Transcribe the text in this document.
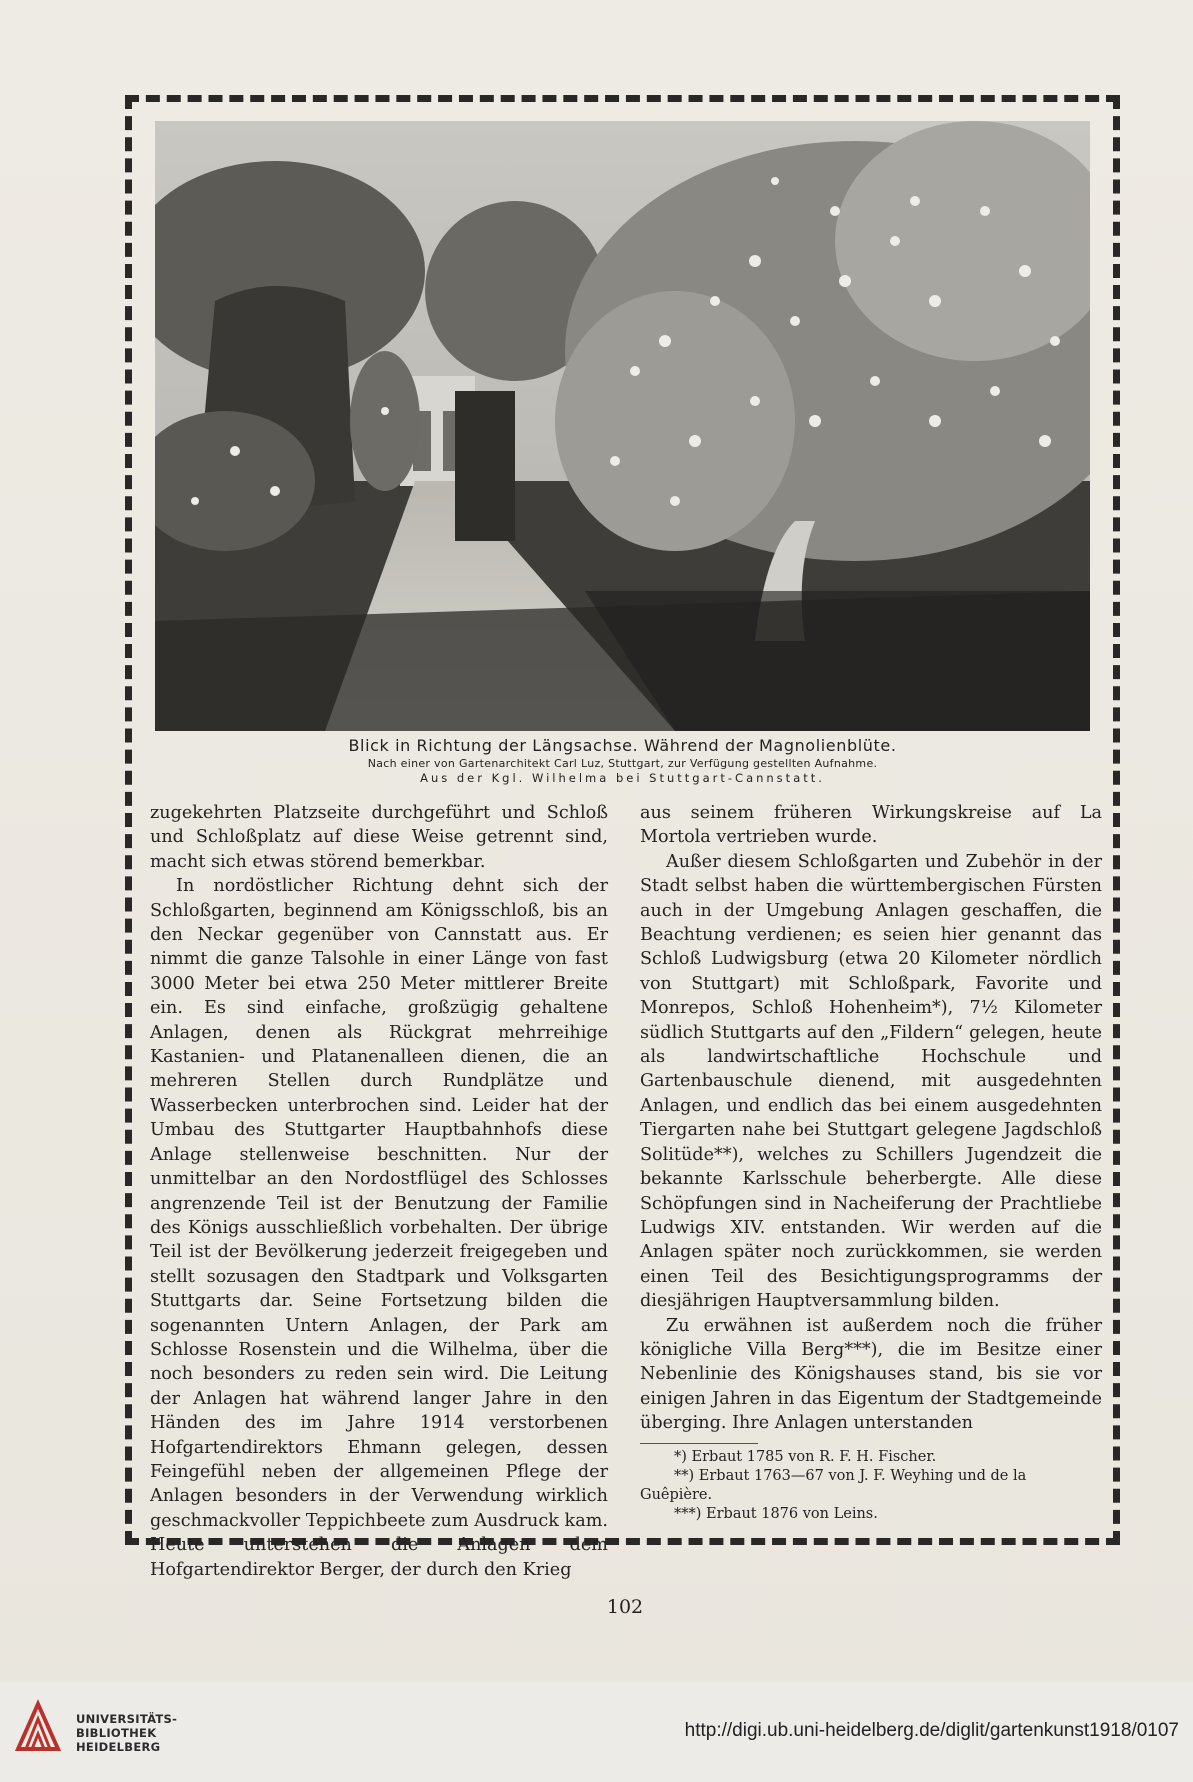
Blick in Richtung der Längsachse. Während der Magnolienblüte.
Nach einer von Gartenarchitekt Carl Luz, Stuttgart, zur Verfügung gestellten Aufnahme.
Aus der Kgl. Wilhelma bei Stuttgart-Cannstatt.

zugekehrten Platzseite durchgeführt und Schloß und Schloßplatz auf diese Weise getrennt sind, macht sich etwas störend bemerkbar.

In nordöstlicher Richtung dehnt sich der Schloßgarten, beginnend am Königsschloß, bis an den Neckar gegenüber von Cannstatt aus. Er nimmt die ganze Talsohle in einer Länge von fast 3000 Meter bei etwa 250 Meter mittlerer Breite ein. Es sind einfache, großzügig gehaltene Anlagen, denen als Rückgrat mehrreihige Kastanien- und Platanenalleen dienen, die an mehreren Stellen durch Rundplätze und Wasserbecken unterbrochen sind. Leider hat der Umbau des Stuttgarter Hauptbahnhofs diese Anlage stellenweise beschnitten. Nur der unmittelbar an den Nordostflügel des Schlosses angrenzende Teil ist der Benutzung der Familie des Königs ausschließlich vorbehalten. Der übrige Teil ist der Bevölkerung jederzeit freigegeben und stellt sozusagen den Stadtpark und Volksgarten Stuttgarts dar. Seine Fortsetzung bilden die sogenannten Untern Anlagen, der Park am Schlosse Rosenstein und die Wilhelma, über die noch besonders zu reden sein wird. Die Leitung der Anlagen hat während langer Jahre in den Händen des im Jahre 1914 verstorbenen Hofgartendirektors Ehmann gelegen, dessen Feingefühl neben der allgemeinen Pflege der Anlagen besonders in der Verwendung wirklich geschmackvoller Teppichbeete zum Ausdruck kam. Heute unterstehen die Anlagen dem Hofgartendirektor Berger, der durch den Krieg

aus seinem früheren Wirkungskreise auf La Mortola vertrieben wurde.

Außer diesem Schloßgarten und Zubehör in der Stadt selbst haben die württembergischen Fürsten auch in der Umgebung Anlagen geschaffen, die Beachtung verdienen; es seien hier genannt das Schloß Ludwigsburg (etwa 20 Kilometer nördlich von Stuttgart) mit Schloßpark, Favorite und Monrepos, Schloß Hohenheim*), 7½ Kilometer südlich Stuttgarts auf den „Fildern“ gelegen, heute als landwirtschaftliche Hochschule und Gartenbauschule dienend, mit ausgedehnten Anlagen, und endlich das bei einem ausgedehnten Tiergarten nahe bei Stuttgart gelegene Jagdschloß Solitüde**), welches zu Schillers Jugendzeit die bekannte Karlsschule beherbergte. Alle diese Schöpfungen sind in Nacheiferung der Prachtliebe Ludwigs XIV. entstanden. Wir werden auf die Anlagen später noch zurückkommen, sie werden einen Teil des Besichtigungsprogramms der diesjährigen Hauptversammlung bilden.

Zu erwähnen ist außerdem noch die früher königliche Villa Berg***), die im Besitze einer Nebenlinie des Königshauses stand, bis sie vor einigen Jahren in das Eigentum der Stadtgemeinde überging. Ihre Anlagen unterstanden

*) Erbaut 1785 von R. F. H. Fischer.
**) Erbaut 1763—67 von J. F. Weyhing und de la Guêpière.
***) Erbaut 1876 von Leins.
102
UNIVERSITÄTS-
BIBLIOTHEK
HEIDELBERG
http://digi.ub.uni-heidelberg.de/diglit/gartenkunst1918/0107
